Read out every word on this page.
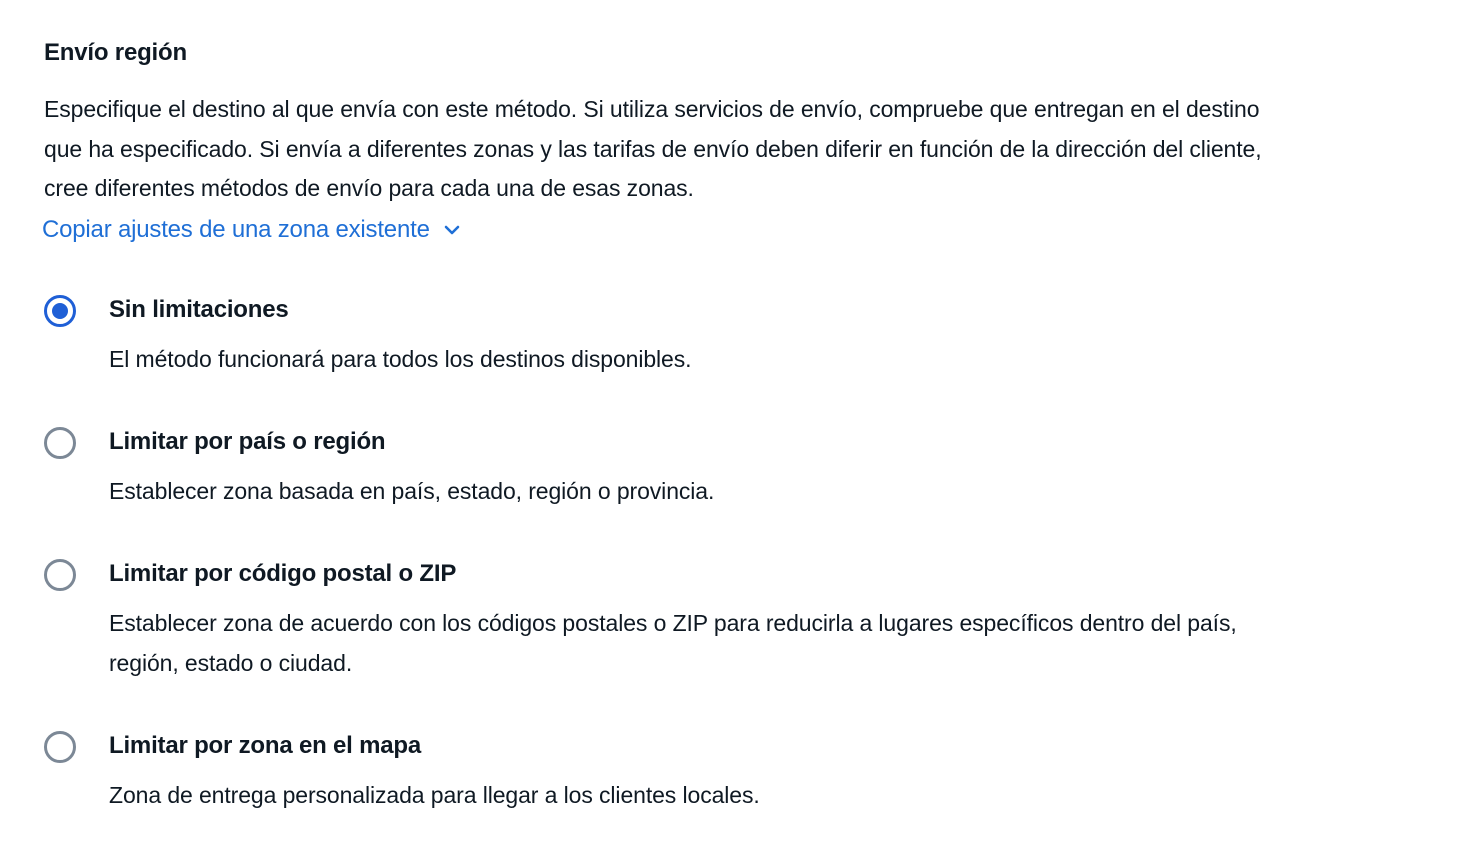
Envío región
Especifique el destino al que envía con este método. Si utiliza servicios de envío, compruebe que entregan en el destino que ha especificado. Si envía a diferentes zonas y las tarifas de envío deben diferir en función de la dirección del cliente, cree diferentes métodos de envío para cada una de esas zonas.
Copiar ajustes de una zona existente
Sin limitaciones
El método funcionará para todos los destinos disponibles.
Limitar por país o región
Establecer zona basada en país, estado, región o provincia.
Limitar por código postal o ZIP
Establecer zona de acuerdo con los códigos postales o ZIP para reducirla a lugares específicos dentro del país, región, estado o ciudad.
Limitar por zona en el mapa
Zona de entrega personalizada para llegar a los clientes locales.
